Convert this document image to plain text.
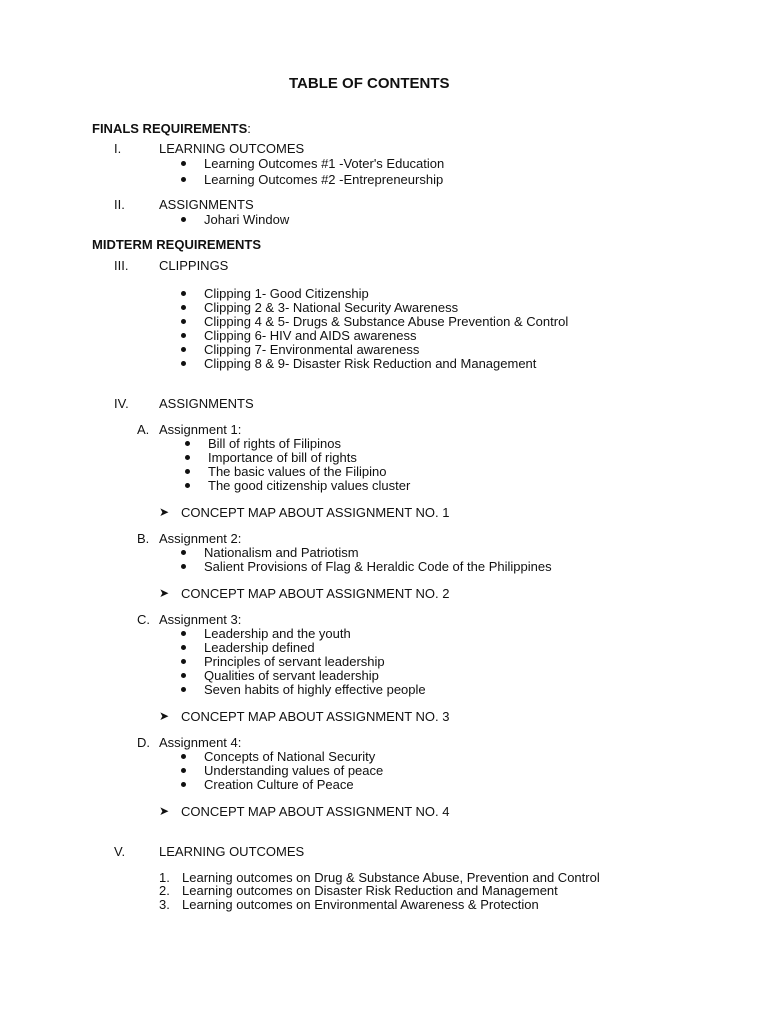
TABLE OF CONTENTS
FINALS REQUIREMENTS:
I.	LEARNING OUTCOMES
Learning Outcomes #1 -Voter's Education
Learning Outcomes #2 -Entrepreneurship
II.	ASSIGNMENTS
Johari Window
MIDTERM REQUIREMENTS
III. CLIPPINGS
Clipping 1- Good Citizenship
Clipping 2 & 3- National Security Awareness
Clipping 4 & 5- Drugs & Substance Abuse Prevention & Control
Clipping 6- HIV and AIDS awareness
Clipping 7- Environmental awareness
Clipping 8 & 9- Disaster Risk Reduction and Management
IV. ASSIGNMENTS
A. Assignment 1:
Bill of rights of Filipinos
Importance of bill of rights
The basic values of the Filipino
The good citizenship values cluster
➤ CONCEPT MAP ABOUT ASSIGNMENT NO. 1
B. Assignment 2:
Nationalism and Patriotism
Salient Provisions of Flag & Heraldic Code of the Philippines
➤ CONCEPT MAP ABOUT ASSIGNMENT NO. 2
C. Assignment 3:
Leadership and the youth
Leadership defined
Principles of servant leadership
Qualities of servant leadership
Seven habits of highly effective people
➤ CONCEPT MAP ABOUT ASSIGNMENT NO. 3
D. Assignment 4:
Concepts of National Security
Understanding values of peace
Creation Culture of Peace
➤ CONCEPT MAP ABOUT ASSIGNMENT NO. 4
V.	LEARNING OUTCOMES
1. Learning outcomes on Drug & Substance Abuse, Prevention and Control
2. Learning outcomes on Disaster Risk Reduction and Management
3. Learning outcomes on Environmental Awareness & Protection
